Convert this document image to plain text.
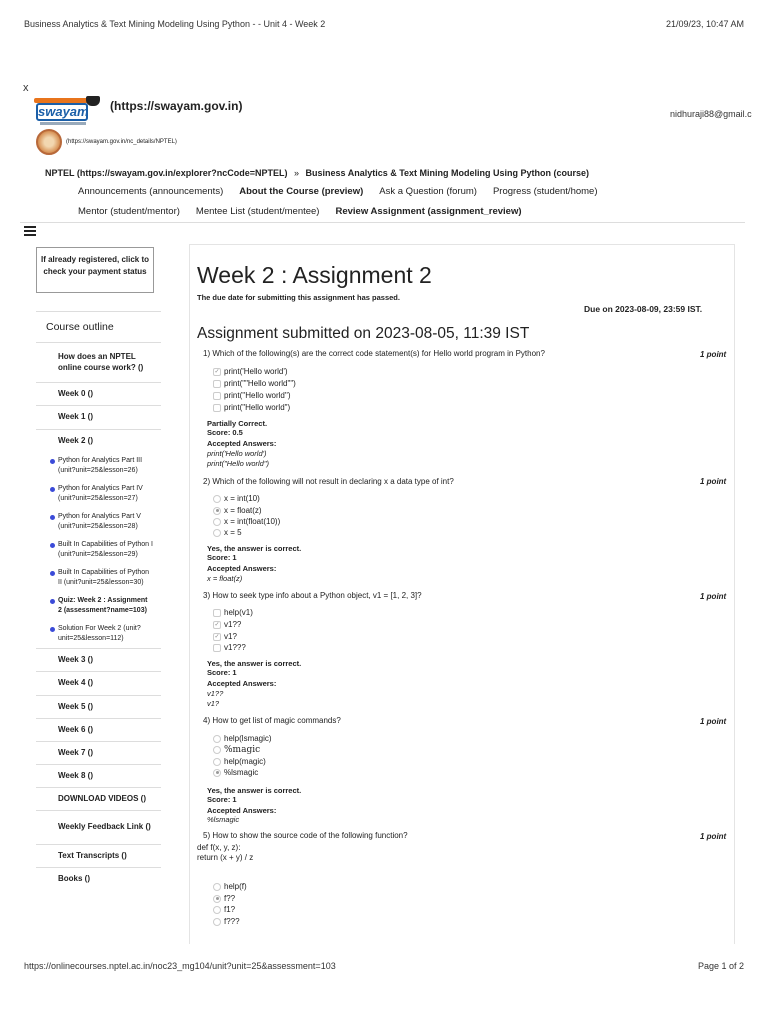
Business Analytics & Text Mining Modeling Using Python - - Unit 4 - Week 2	21/09/23, 10:47 AM
https://onlinecourses.nptel.ac.in/noc23_mg104/unit?unit=25&assessment=103	Page 1 of 2
x
swayam (https://swayam.gov.in)
nidhuraji88@gmail.c
(https://swayam.gov.in/nc_details/NPTEL)
NPTEL (https://swayam.gov.in/explorer?ncCode=NPTEL) » Business Analytics & Text Mining Modeling Using Python (course)
Announcements (announcements) About the Course (preview) Ask a Question (forum) Progress (student/home)
Mentor (student/mentor) Mentee List (student/mentee) Review Assignment (assignment_review)
If already registered, click to check your payment status
Course outline
How does an NPTEL online course work? ()
Week 0 ()
Week 1 ()
Week 2 ()
Python for Analytics Part III (unit?unit=25&lesson=26)
Python for Analytics Part IV (unit?unit=25&lesson=27)
Python for Analytics Part V (unit?unit=25&lesson=28)
Built In Capabilities of Python I (unit?unit=25&lesson=29)
Built In Capabilities of Python II (unit?unit=25&lesson=30)
Quiz: Week 2 : Assignment 2 (assessment?name=103)
Solution For Week 2 (unit?unit=25&lesson=112)
Week 3 ()
Week 4 ()
Week 5 ()
Week 6 ()
Week 7 ()
Week 8 ()
DOWNLOAD VIDEOS ()
Weekly Feedback Link ()
Text Transcripts ()
Books ()
Week 2 : Assignment 2
The due date for submitting this assignment has passed.
Due on 2023-08-09, 23:59 IST.
Assignment submitted on 2023-08-05, 11:39 IST
1) Which of the following(s) are the correct code statement(s) for Hello world program in Python?	1 point
✓ print('Hello world')
print(""Hello world"")
print(''Hello world'')
print("Hello world")
Partially Correct.
Score: 0.5
Accepted Answers:
print('Hello world')
print("Hello world")
2) Which of the following will not result in declaring x a data type of int?	1 point
x = int(10)
x = float(z)
x = int(float(10))
x = 5
Yes, the answer is correct.
Score: 1
Accepted Answers:
x = float(z)
3) How to seek type info about a Python object, v1 = [1, 2, 3]?	1 point
help(v1)
✓ v1??
✓ v1?
v1???
Yes, the answer is correct.
Score: 1
Accepted Answers:
v1??
v1?
4) How to get list of magic commands?	1 point
help(lsmagic)
%magic
help(magic)
%lsmagic
Yes, the answer is correct.
Score: 1
Accepted Answers:
%lsmagic
5) How to show the source code of the following function?	1 point
def f(x, y, z):
return (x + y) / z
help(f)
f??
f1?
f???
